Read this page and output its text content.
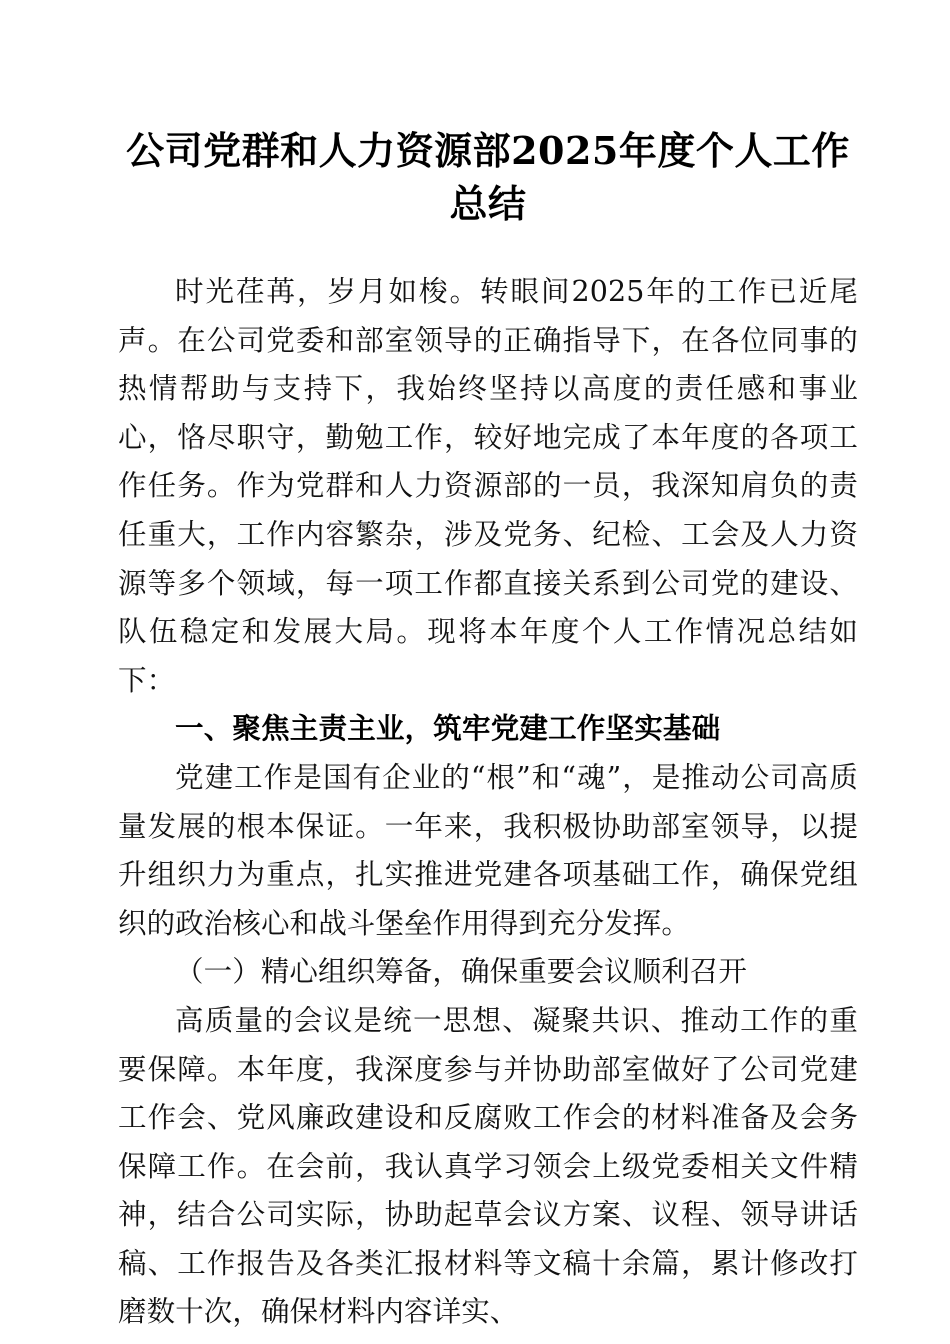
公司党群和人力资源部2025年度个人工作总结

时光荏苒，岁月如梭。转眼间2025年的工作已近尾声。在公司党委和部室领导的正确指导下，在各位同事的热情帮助与支持下，我始终坚持以高度的责任感和事业心，恪尽职守，勤勉工作，较好地完成了本年度的各项工作任务。作为党群和人力资源部的一员，我深知肩负的责任重大，工作内容繁杂，涉及党务、纪检、工会及人力资源等多个领域，每一项工作都直接关系到公司党的建设、队伍稳定和发展大局。现将本年度个人工作情况总结如下：

一、聚焦主责主业，筑牢党建工作坚实基础

党建工作是国有企业的“根”和“魂”，是推动公司高质量发展的根本保证。一年来，我积极协助部室领导，以提升组织力为重点，扎实推进党建各项基础工作，确保党组织的政治核心和战斗堡垒作用得到充分发挥。

（一）精心组织筹备，确保重要会议顺利召开

高质量的会议是统一思想、凝聚共识、推动工作的重要保障。本年度，我深度参与并协助部室做好了公司党建工作会、党风廉政建设和反腐败工作会的材料准备及会务保障工作。在会前，我认真学习领会上级党委相关文件精神，结合公司实际，协助起草会议方案、议程、领导讲话稿、工作报告及各类汇报材料等文稿十余篇，累计修改打磨数十次，确保材料内容详实、
